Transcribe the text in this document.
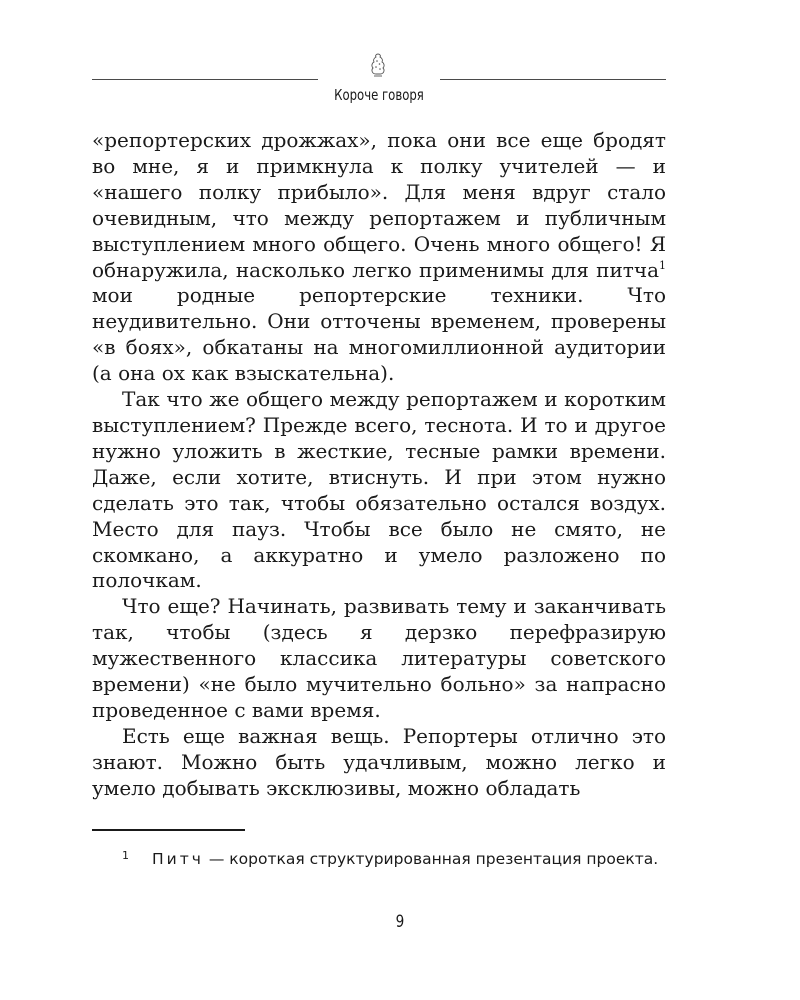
Короче говоря

«репортерских дрожжах», пока они все еще бродят во мне, я и примкнула к полку учителей — и «нашего полку прибыло». Для меня вдруг стало очевидным, что между репортажем и публичным выступлением много общего. Очень много общего! Я обнаружила, насколько легко применимы для питча$^1$ мои родные репортерские техники. Что неудивительно. Они отточены временем, проверены «в боях», обкатаны на многомиллионной аудитории (а она ох как взыскательна).

Так что же общего между репортажем и коротким выступлением? Прежде всего, теснота. И то и другое нужно уложить в жесткие, тесные рамки времени. Даже, если хотите, втиснуть. И при этом нужно сделать это так, чтобы обязательно остался воздух. Место для пауз. Чтобы все было не смято, не скомкано, а аккуратно и умело разложено по полочкам.

Что еще? Начинать, развивать тему и заканчивать так, чтобы (здесь я дерзко перефразирую мужественного классика литературы советского времени) «не было мучительно больно» за напрасно проведенное с вами время.

Есть еще важная вещь. Репортеры отлично это знают. Можно быть удачливым, можно легко и умело добывать эксклюзивы, можно обладать

1 Питч — короткая структурированная презентация проекта.
9
